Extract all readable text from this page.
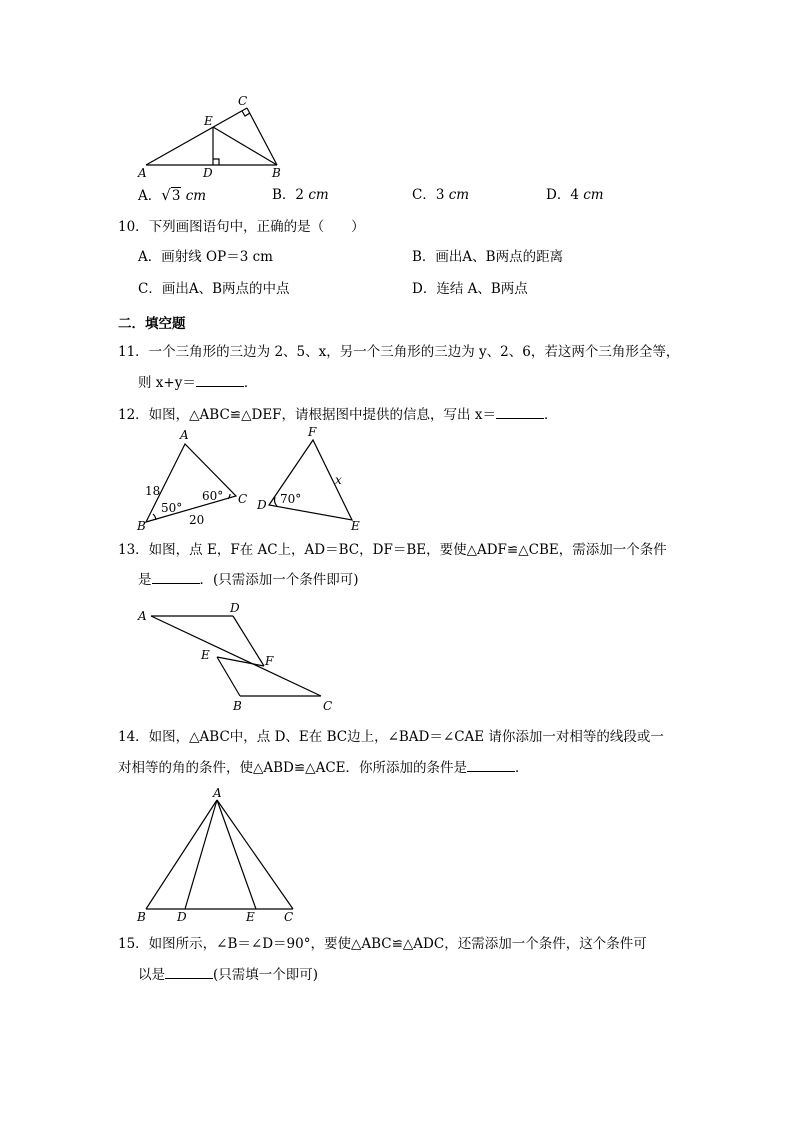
C
E
A	D	B
A．√3 cm	B．2 cm	C．3 cm	D．4 cm
10．下列画图语句中，正确的是（　　）
A．画射线 OP＝3 cm	B．画出A、B两点的距离
C．画出A、B两点的中点	D．连结 A、B两点
二．填空题
11．一个三角形的三边为 2、5、x，另一个三角形的三边为 y、2、6，若这两个三角形全等，
则 x+y＝	．
12．如图，△ABC≌△DEF，请根据图中提供的信息，写出 x＝	．
A
B
C
18
20
50°
60°
F
D
E
x
70°
13．如图，点 E，F在 AC上，AD＝BC，DF＝BE，要使△ADF≌△CBE，需添加一个条件
是	．(只需添加一个条件即可)
A
D
E	F
B	C
14．如图，△ABC中，点 D、E在 BC边上，∠BAD＝∠CAE 请你添加一对相等的线段或一
对相等的角的条件，使△ABD≌△ACE．你所添加的条件是	．
A
B	D	E C
15．如图所示，∠B＝∠D＝90°，要使△ABC≌△ADC，还需添加一个条件，这个条件可
以是	(只需填一个即可)
